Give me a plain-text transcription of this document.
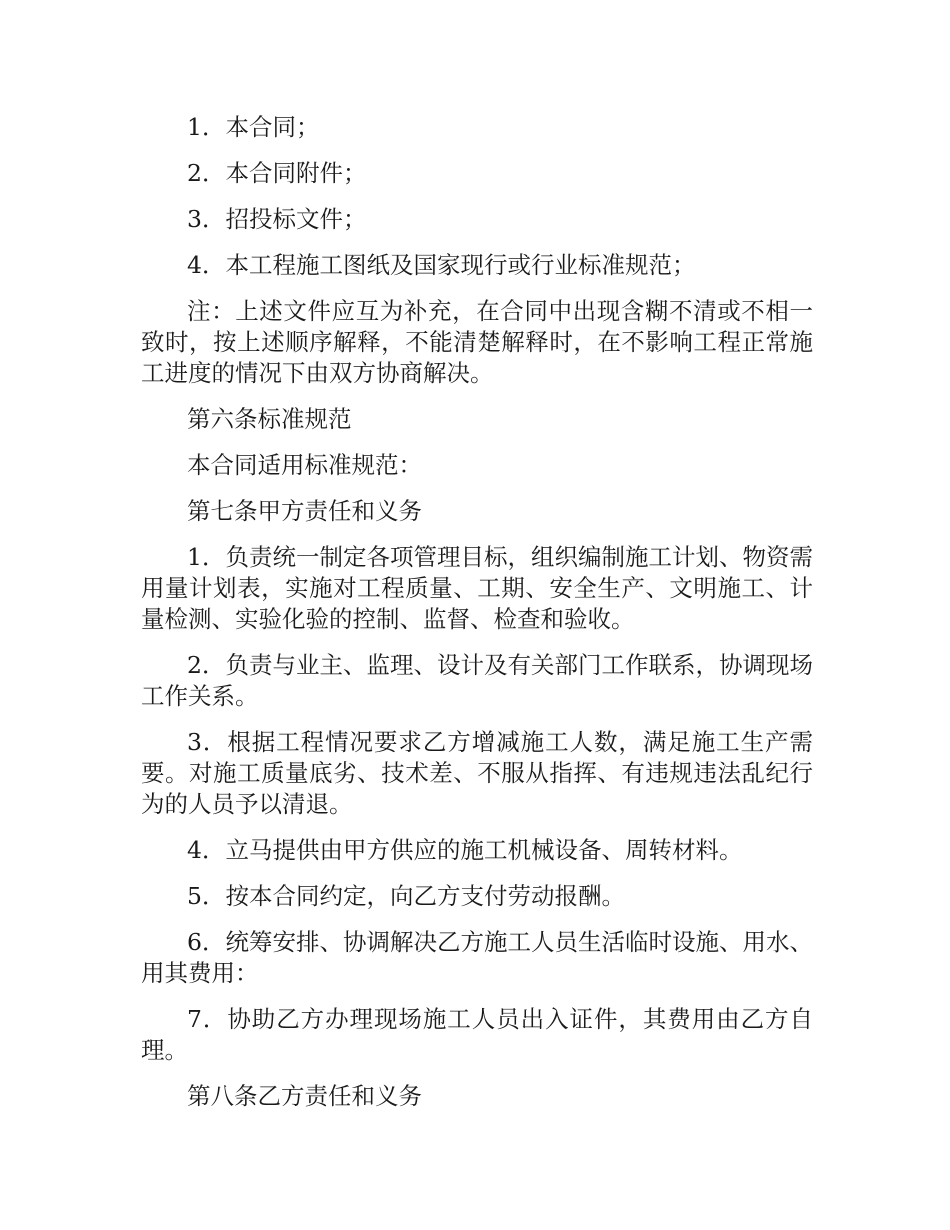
1．本合同；

2．本合同附件；

3．招投标文件；

4．本工程施工图纸及国家现行或行业标准规范；

注：上述文件应互为补充，在合同中出现含糊不清或不相一致时，按上述顺序解释，不能清楚解释时，在不影响工程正常施工进度的情况下由双方协商解决。

第六条标准规范

本合同适用标准规范：

第七条甲方责任和义务

1．负责统一制定各项管理目标，组织编制施工计划、物资需用量计划表，实施对工程质量、工期、安全生产、文明施工、计量检测、实验化验的控制、监督、检查和验收。

2．负责与业主、监理、设计及有关部门工作联系，协调现场工作关系。

3．根据工程情况要求乙方增减施工人数，满足施工生产需要。对施工质量底劣、技术差、不服从指挥、有违规违法乱纪行为的人员予以清退。

4．立马提供由甲方供应的施工机械设备、周转材料。

5．按本合同约定，向乙方支付劳动报酬。

6．统筹安排、协调解决乙方施工人员生活临时设施、用水、用其费用：

7．协助乙方办理现场施工人员出入证件，其费用由乙方自理。

第八条乙方责任和义务
